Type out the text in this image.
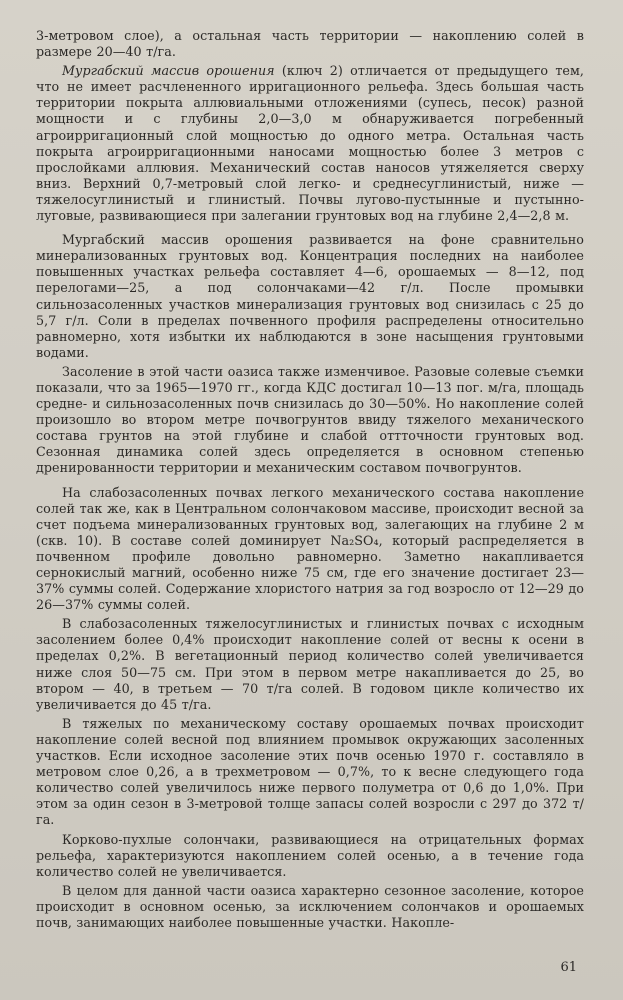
3-метровом слое), а остальная часть территории — накоплению солей в размере 20—40 т/га.

Мургабский массив орошения (ключ 2) отличается от предыдущего тем, что не имеет расчлененного ирригационного рельефа. Здесь большая часть территории покрыта аллювиальными отложениями (супесь, песок) разной мощности и с глубины 2,0—3,0 м обнаруживается погребенный агроирригационный слой мощностью до одного метра. Остальная часть покрыта агроирригационными наносами мощностью более 3 метров с прослойками аллювия. Механический состав наносов утяжеляется сверху вниз. Верхний 0,7-метровый слой легко- и среднесуглинистый, ниже —тяжелосуглинистый и глинистый. Почвы лугово-пустынные и пустынно-луговые, развивающиеся при залегании грунтовых вод на глубине 2,4—2,8 м.

Мургабский массив орошения развивается на фоне сравнительно минерализованных грунтовых вод. Концентрация последних на наиболее повышенных участках рельефа составляет 4—6, орошаемых — 8—12, под перелогами—25, а под солончаками—42 г/л. После промывки сильнозасоленных участков минерализация грунтовых вод снизилась с 25 до 5,7 г/л. Соли в пределах почвенного профиля распределены относительно равномерно, хотя избытки их наблюдаются в зоне насыщения грунтовыми водами.

Засоление в этой части оазиса также изменчивое. Разовые солевые съемки показали, что за 1965—1970 гг., когда КДС достигал 10—13 пог. м/га, площадь средне- и сильнозасоленных почв снизилась до 30—50%. Но накопление солей произошло во втором метре почвогрунтов ввиду тяжелого механического состава грунтов на этой глубине и слабой оттточности грунтовых вод. Сезонная динамика солей здесь определяется в основном степенью дренированности территории и механическим составом почвогрунтов.

На слабозасоленных почвах легкого механического состава накопление солей так же, как в Центральном солончаковом массиве, происходит весной за счет подъема минерализованных грунтовых вод, залегающих на глубине 2 м (скв. 10). В составе солей доминирует Na₂SO₄, который распределяется в почвенном профиле довольно равномерно. Заметно накапливается сернокислый магний, особенно ниже 75 см, где его значение достигает 23—37% суммы солей. Содержание хлористого натрия за год возросло от 12—29 до 26—37% суммы солей.

В слабозасоленных тяжелосуглинистых и глинистых почвах с исходным засолением более 0,4% происходит накопление солей от весны к осени в пределах 0,2%. В вегетационный период количество солей увеличивается ниже слоя 50—75 см. При этом в первом метре накапливается до 25, во втором — 40, в третьем — 70 т/га солей. В годовом цикле количество их увеличивается до 45 т/га.

В тяжелых по механическому составу орошаемых почвах происходит накопление солей весной под влиянием промывок окружающих засоленных участков. Если исходное засоление этих почв осенью 1970 г. составляло в метровом слое 0,26, а в трехметровом — 0,7%, то к весне следующего года количество солей увеличилось ниже первого полуметра от 0,6 до 1,0%. При этом за один сезон в 3-метровой толще запасы солей возросли с 297 до 372 т/га.

Корково-пухлые солончаки, развивающиеся на отрицательных формах рельефа, характеризуются накоплением солей осенью, а в течение года количество солей не увеличивается.

В целом для данной части оазиса характерно сезонное засоление, которое происходит в основном осенью, за исключением солончаков и орошаемых почв, занимающих наиболее повышенные участки. Накопле-

61
